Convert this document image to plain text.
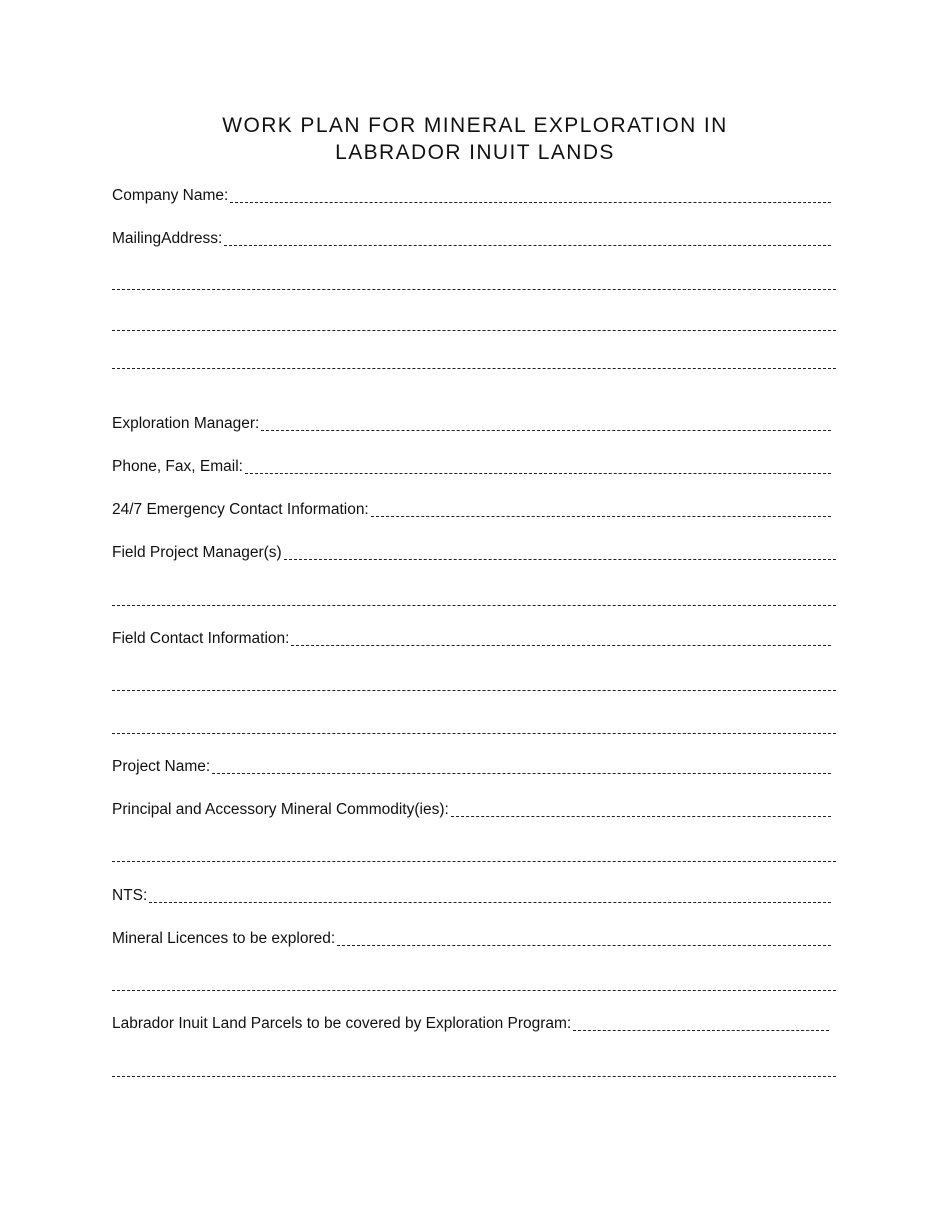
WORK PLAN FOR MINERAL EXPLORATION IN
LABRADOR INUIT LANDS
Company Name:
MailingAddress:
Exploration Manager:
Phone, Fax, Email:
24/7 Emergency Contact Information:
Field Project Manager(s)
Field Contact Information:
Project Name:
Principal and Accessory Mineral Commodity(ies):
NTS:
Mineral Licences to be explored:
Labrador Inuit Land Parcels to be covered by Exploration Program:
